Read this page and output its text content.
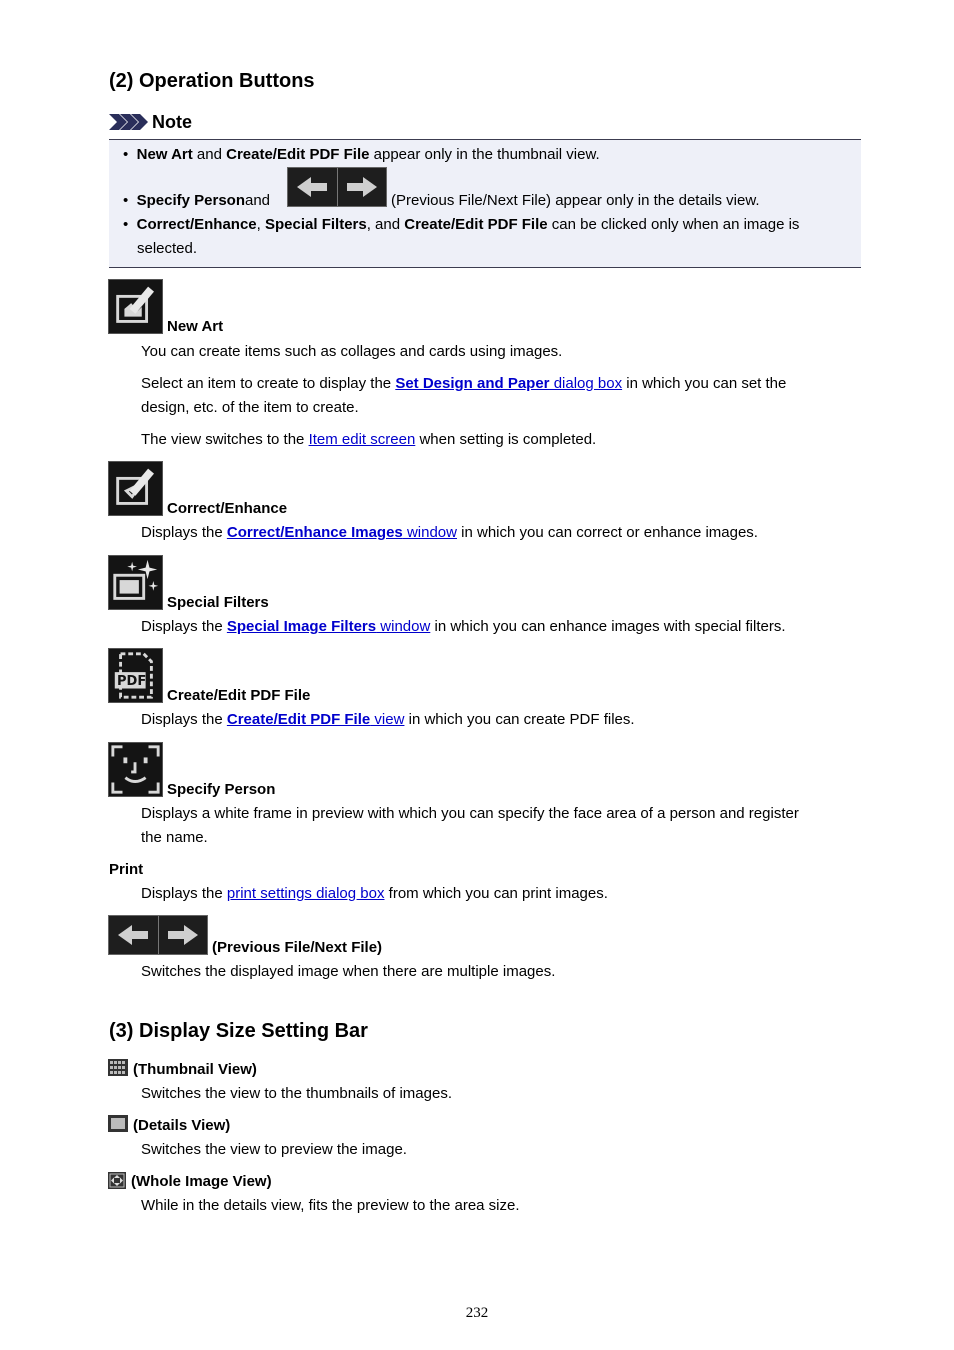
(2) Operation Buttons
Note
• New Art and Create/Edit PDF File appear only in the thumbnail view.
•
Specify Person and	(Previous File/Next File) appear only in the details view.
• Correct/Enhance, Special Filters, and Create/Edit PDF File can be clicked only when an image is
selected.
New Art
You can create items such as collages and cards using images.
Select an item to create to display the Set Design and Paper dialog box in which you can set the
design, etc. of the item to create.
The view switches to the Item edit screen when setting is completed.
Correct/Enhance
Displays the Correct/Enhance Images window in which you can correct or enhance images.
Special Filters
Displays the Special Image Filters window in which you can enhance images with special filters.
PDF
Create/Edit PDF File
Displays the Create/Edit PDF File view in which you can create PDF files.
Specify Person
Displays a white frame in preview with which you can specify the face area of a person and register
the name.
Print
Displays the print settings dialog box from which you can print images.
(Previous File/Next File)
Switches the displayed image when there are multiple images.
(3) Display Size Setting Bar
(Thumbnail View)
Switches the view to the thumbnails of images.
(Details View)
Switches the view to preview the image.
(Whole Image View)
While in the details view, fits the preview to the area size.
232
